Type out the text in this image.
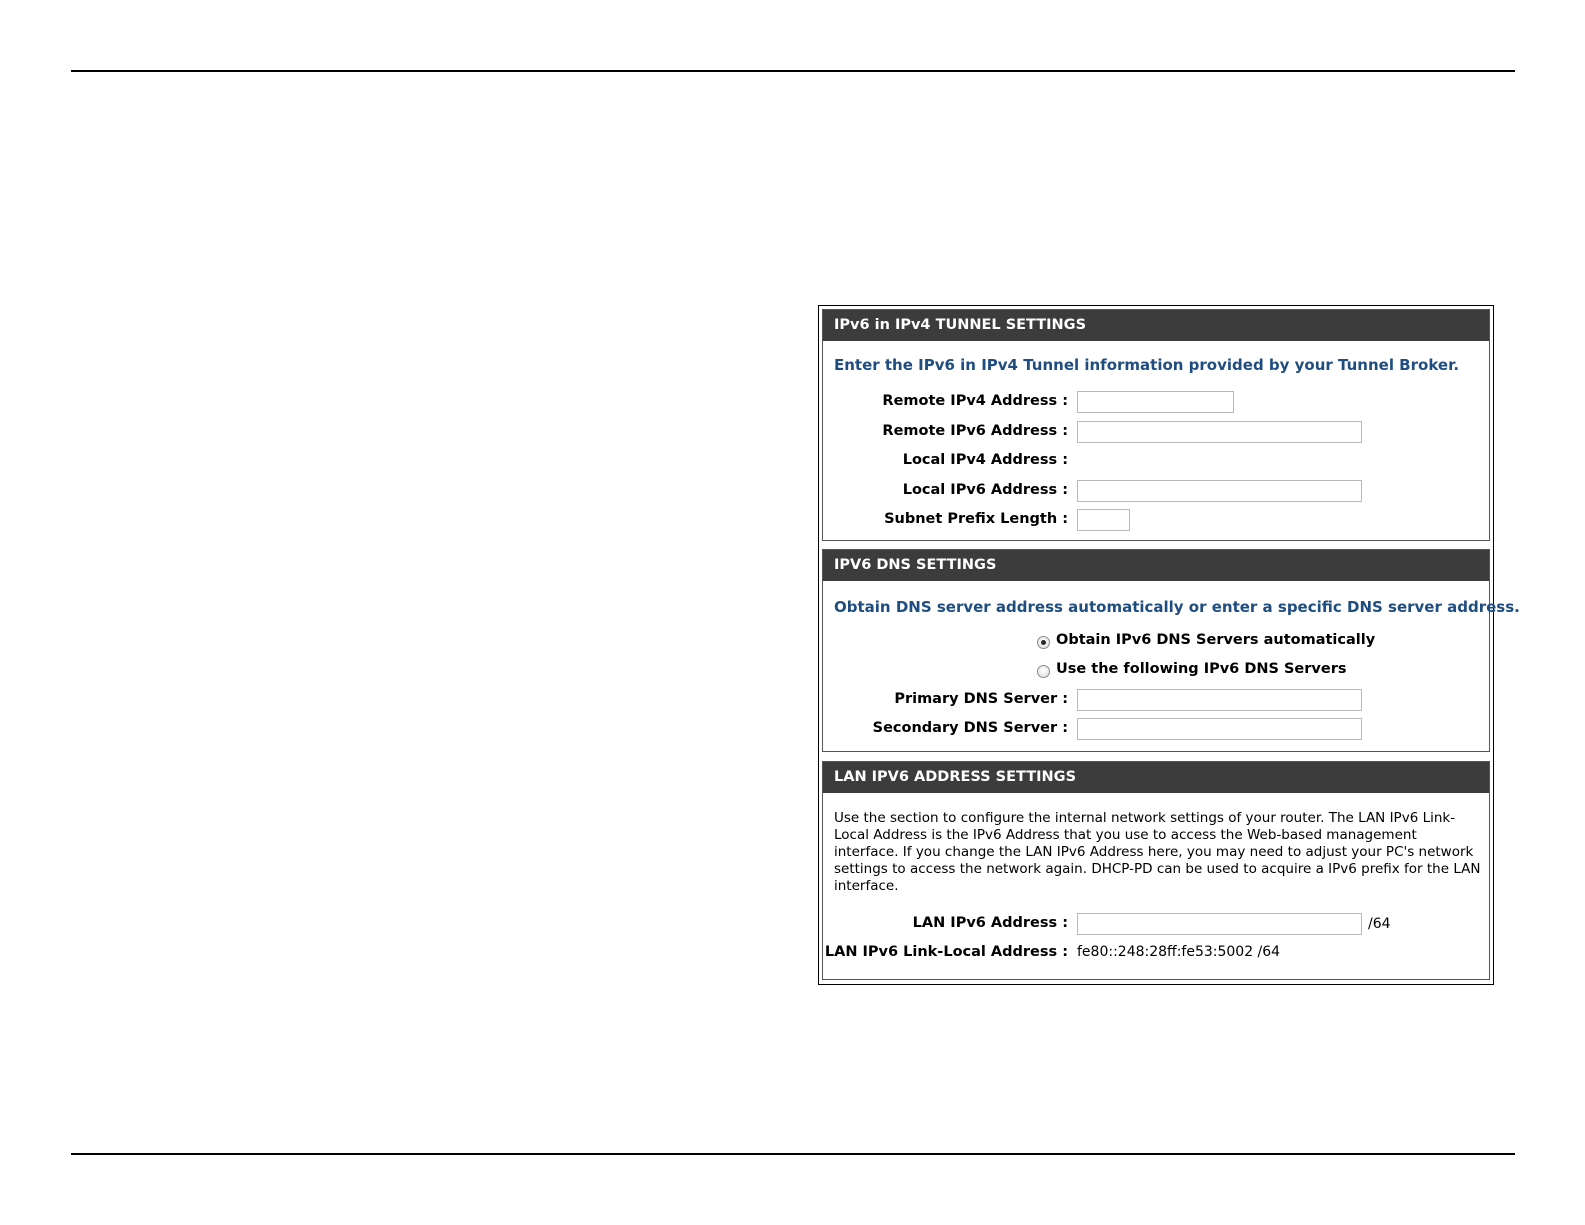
IPv6 in IPv4 TUNNEL SETTINGS
Enter the IPv6 in IPv4 Tunnel information provided by your Tunnel Broker.
Remote IPv4 Address :
Remote IPv6 Address :
Local IPv4 Address :
Local IPv6 Address :
Subnet Prefix Length :
IPV6 DNS SETTINGS
Obtain DNS server address automatically or enter a specific DNS server address.
Obtain IPv6 DNS Servers automatically
Use the following IPv6 DNS Servers
Primary DNS Server :
Secondary DNS Server :
LAN IPV6 ADDRESS SETTINGS
Use the section to configure the internal network settings of your router. The LAN IPv6 Link-Local Address is the IPv6 Address that you use to access the Web-based management interface. If you change the LAN IPv6 Address here, you may need to adjust your PC's network settings to access the network again. DHCP-PD can be used to acquire a IPv6 prefix for the LAN interface.
LAN IPv6 Address :	/64
LAN IPv6 Link-Local Address : fe80::248:28ff:fe53:5002 /64
